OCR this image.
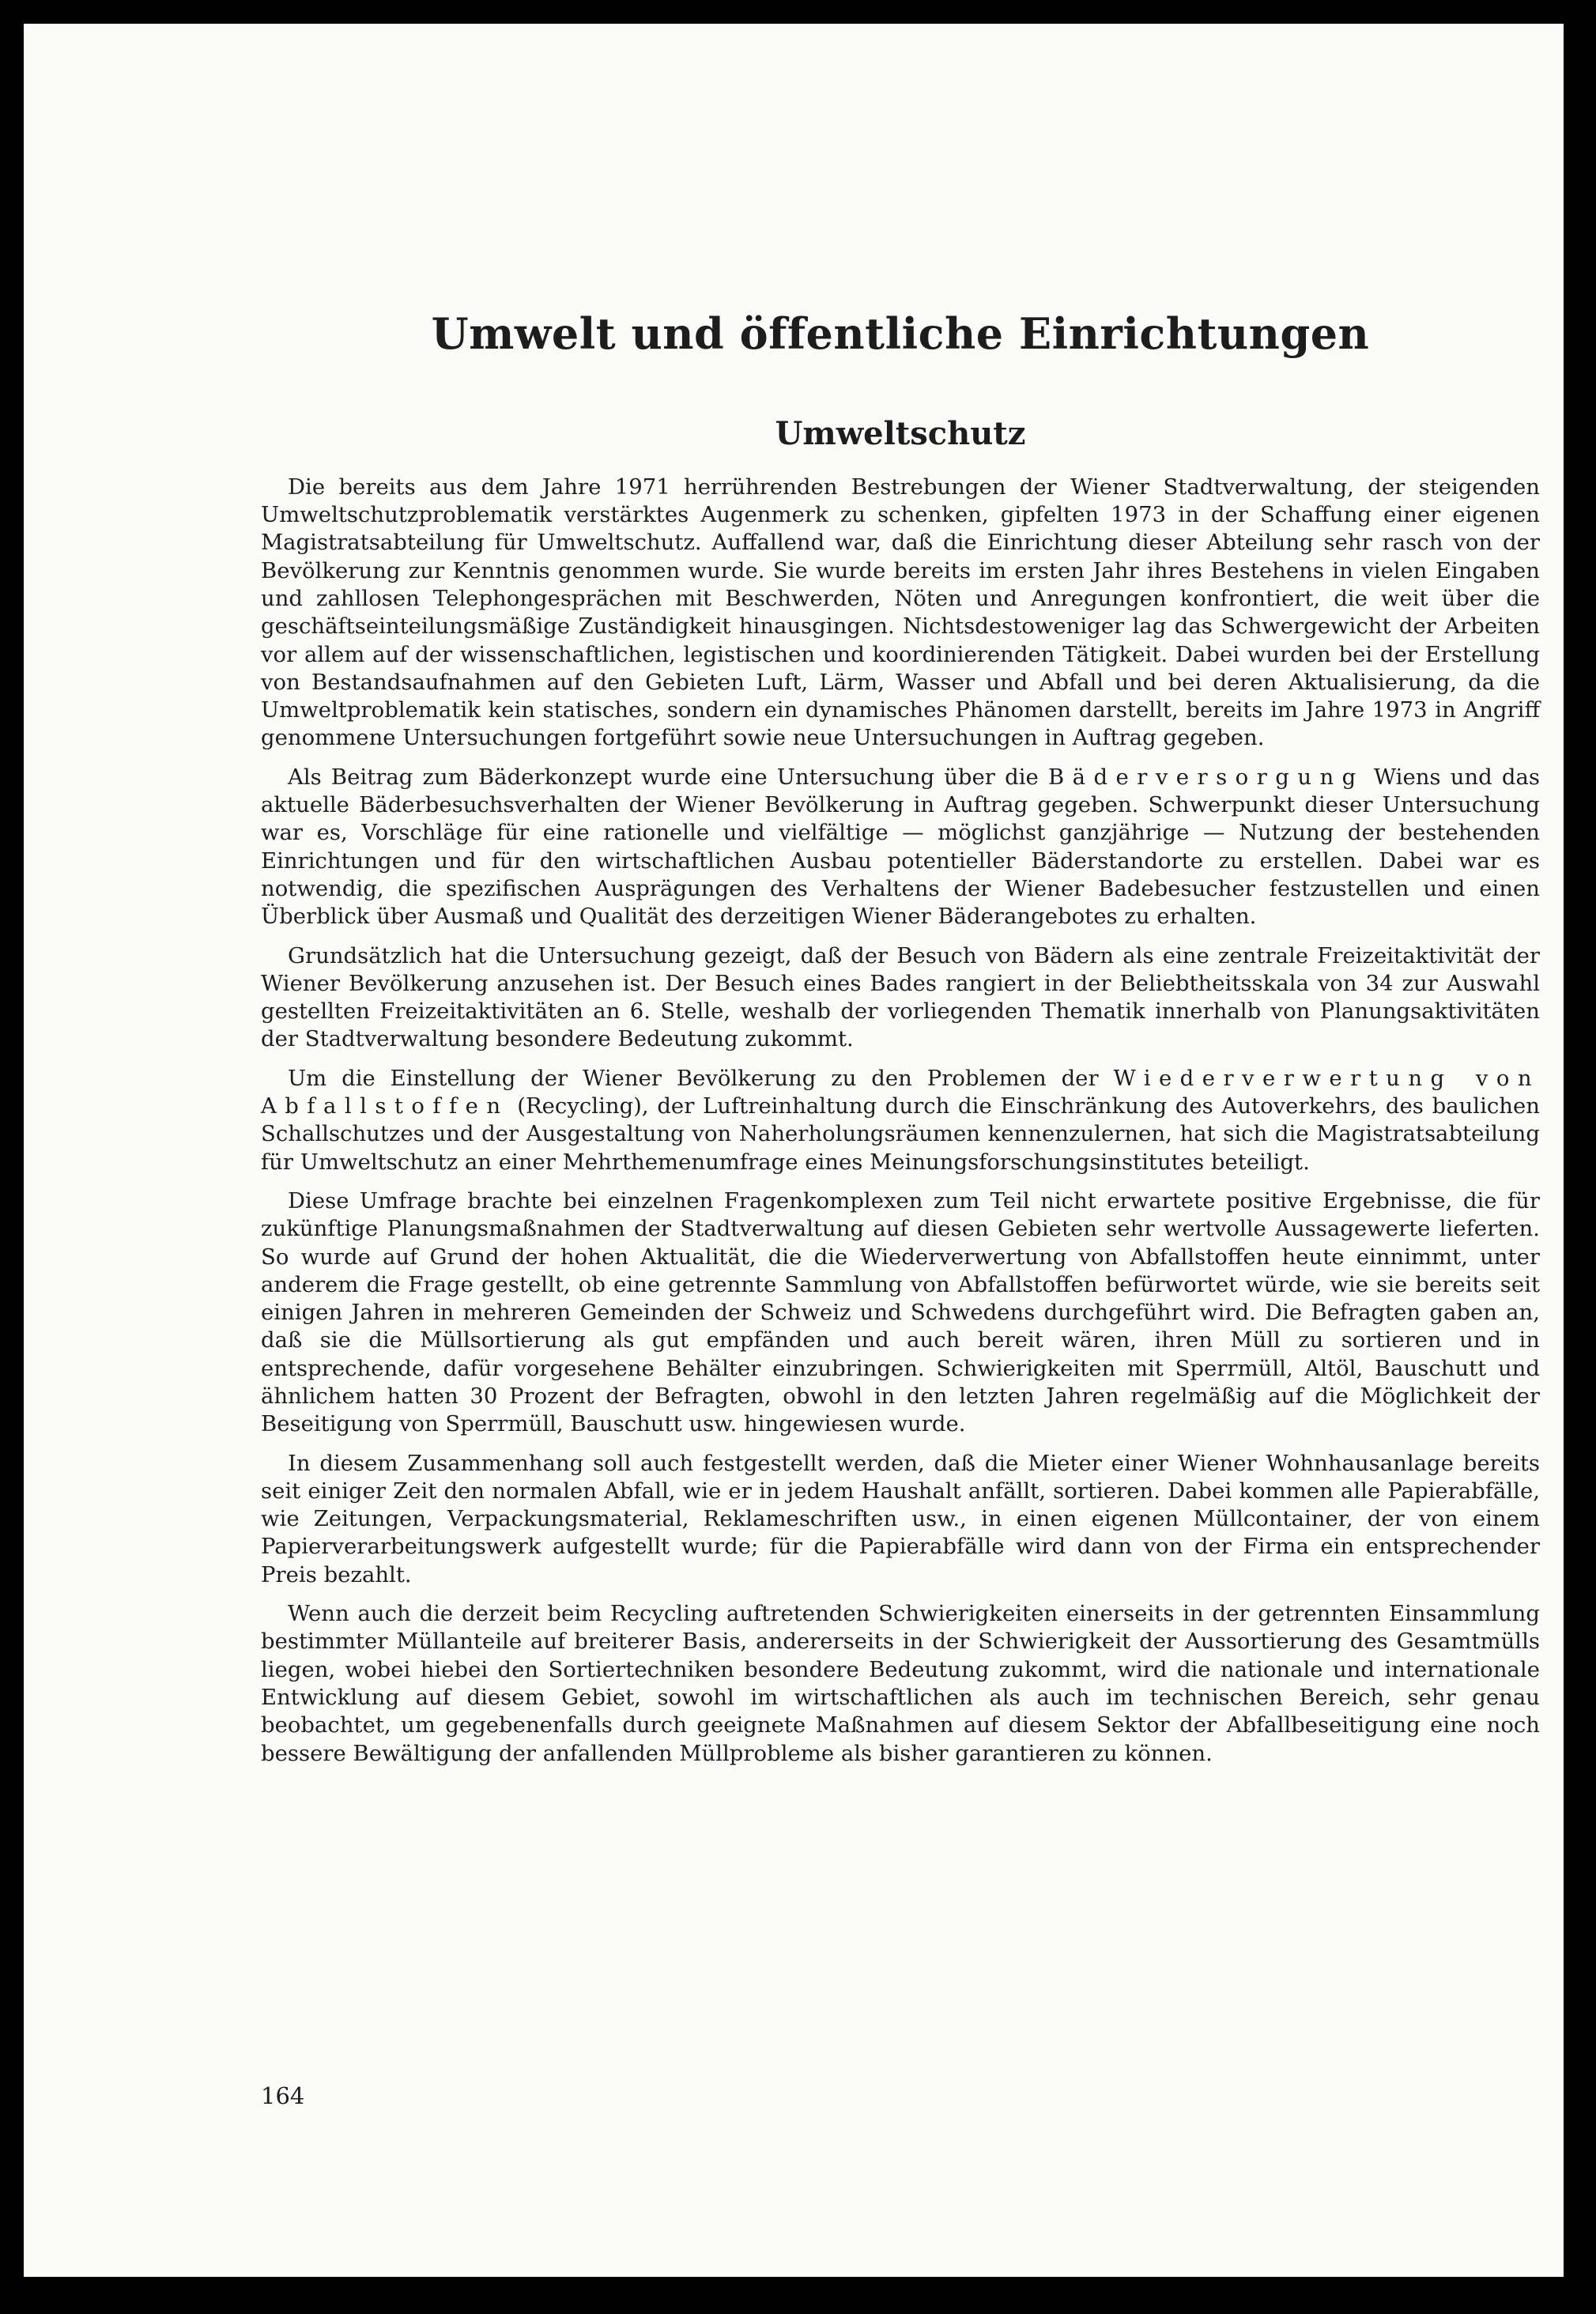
Umwelt und öffentliche Einrichtungen
Umweltschutz

Die bereits aus dem Jahre 1971 herrührenden Bestrebungen der Wiener Stadtverwaltung, der steigenden Umweltschutzproblematik verstärktes Augenmerk zu schenken, gipfelten 1973 in der Schaffung einer eigenen Magistratsabteilung für Umweltschutz. Auffallend war, daß die Einrichtung dieser Abteilung sehr rasch von der Bevölkerung zur Kenntnis genommen wurde. Sie wurde bereits im ersten Jahr ihres Bestehens in vielen Eingaben und zahllosen Telephongesprächen mit Beschwerden, Nöten und Anregungen konfrontiert, die weit über die geschäftseinteilungsmäßige Zuständigkeit hinausgingen. Nichtsdestoweniger lag das Schwergewicht der Arbeiten vor allem auf der wissenschaftlichen, legistischen und koordinierenden Tätigkeit. Dabei wurden bei der Erstellung von Bestandsaufnahmen auf den Gebieten Luft, Lärm, Wasser und Abfall und bei deren Aktualisierung, da die Umweltproblematik kein statisches, sondern ein dynamisches Phänomen darstellt, bereits im Jahre 1973 in Angriff genommene Untersuchungen fortgeführt sowie neue Untersuchungen in Auftrag gegeben.

Als Beitrag zum Bäderkonzept wurde eine Untersuchung über die Bäderversorgung Wiens und das aktuelle Bäderbesuchsverhalten der Wiener Bevölkerung in Auftrag gegeben. Schwerpunkt dieser Untersuchung war es, Vorschläge für eine rationelle und vielfältige — möglichst ganzjährige — Nutzung der bestehenden Einrichtungen und für den wirtschaftlichen Ausbau potentieller Bäderstandorte zu erstellen. Dabei war es notwendig, die spezifischen Ausprägungen des Verhaltens der Wiener Badebesucher festzustellen und einen Überblick über Ausmaß und Qualität des derzeitigen Wiener Bäderangebotes zu erhalten.

Grundsätzlich hat die Untersuchung gezeigt, daß der Besuch von Bädern als eine zentrale Freizeitaktivität der Wiener Bevölkerung anzusehen ist. Der Besuch eines Bades rangiert in der Beliebtheitsskala von 34 zur Auswahl gestellten Freizeitaktivitäten an 6. Stelle, weshalb der vorliegenden Thematik innerhalb von Planungsaktivitäten der Stadtverwaltung besondere Bedeutung zukommt.

Um die Einstellung der Wiener Bevölkerung zu den Problemen der Wiederverwertung von Abfallstoffen (Recycling), der Luftreinhaltung durch die Einschränkung des Autoverkehrs, des baulichen Schallschutzes und der Ausgestaltung von Naherholungsräumen kennenzulernen, hat sich die Magistratsabteilung für Umweltschutz an einer Mehrthemenumfrage eines Meinungsforschungsinstitutes beteiligt.

Diese Umfrage brachte bei einzelnen Fragenkomplexen zum Teil nicht erwartete positive Ergebnisse, die für zukünftige Planungsmaßnahmen der Stadtverwaltung auf diesen Gebieten sehr wertvolle Aussagewerte lieferten. So wurde auf Grund der hohen Aktualität, die die Wiederverwertung von Abfallstoffen heute einnimmt, unter anderem die Frage gestellt, ob eine getrennte Sammlung von Abfallstoffen befürwortet würde, wie sie bereits seit einigen Jahren in mehreren Gemeinden der Schweiz und Schwedens durchgeführt wird. Die Befragten gaben an, daß sie die Müllsortierung als gut empfänden und auch bereit wären, ihren Müll zu sortieren und in entsprechende, dafür vorgesehene Behälter einzubringen. Schwierigkeiten mit Sperrmüll, Altöl, Bauschutt und ähnlichem hatten 30 Prozent der Befragten, obwohl in den letzten Jahren regelmäßig auf die Möglichkeit der Beseitigung von Sperrmüll, Bauschutt usw. hingewiesen wurde.

In diesem Zusammenhang soll auch festgestellt werden, daß die Mieter einer Wiener Wohnhausanlage bereits seit einiger Zeit den normalen Abfall, wie er in jedem Haushalt anfällt, sortieren. Dabei kommen alle Papierabfälle, wie Zeitungen, Verpackungsmaterial, Reklameschriften usw., in einen eigenen Müllcontainer, der von einem Papierverarbeitungswerk aufgestellt wurde; für die Papierabfälle wird dann von der Firma ein entsprechender Preis bezahlt.

Wenn auch die derzeit beim Recycling auftretenden Schwierigkeiten einerseits in der getrennten Einsammlung bestimmter Müllanteile auf breiterer Basis, andererseits in der Schwierigkeit der Aussortierung des Gesamtmülls liegen, wobei hiebei den Sortiertechniken besondere Bedeutung zukommt, wird die nationale und internationale Entwicklung auf diesem Gebiet, sowohl im wirtschaftlichen als auch im technischen Bereich, sehr genau beobachtet, um gegebenenfalls durch geeignete Maßnahmen auf diesem Sektor der Abfallbeseitigung eine noch bessere Bewältigung der anfallenden Müllprobleme als bisher garantieren zu können.

164
